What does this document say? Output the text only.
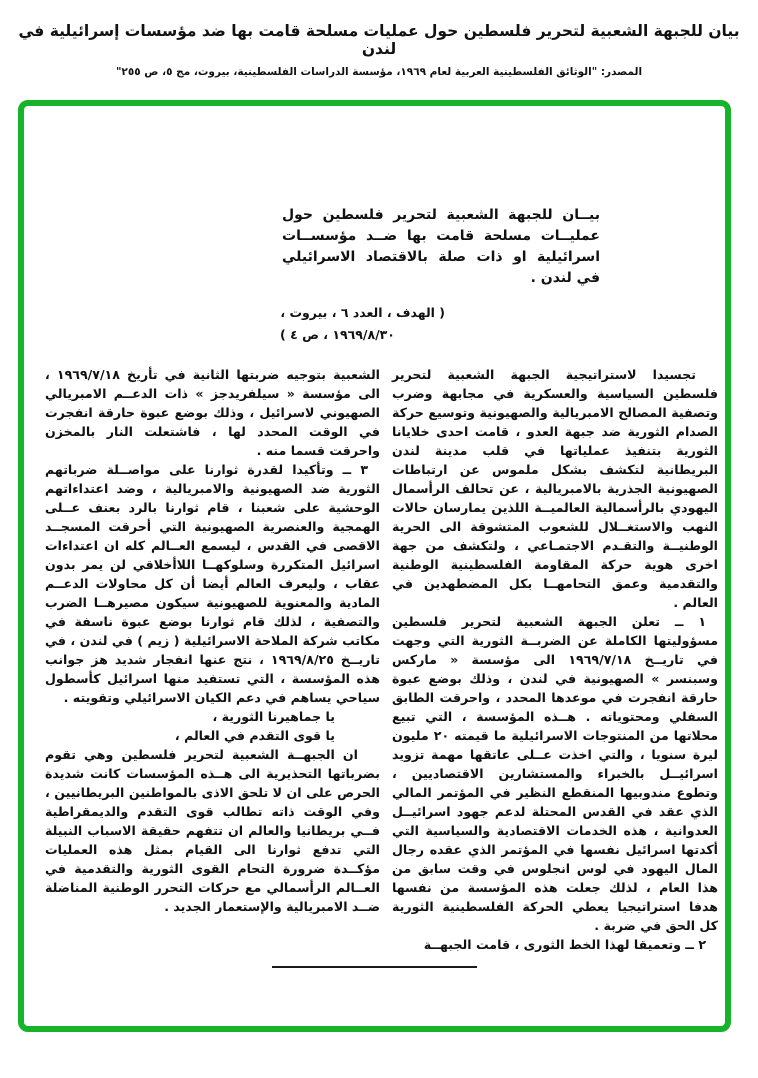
بيان للجبهة الشعبية لتحرير فلسطين حول عمليات مسلحة قامت بها ضد مؤسسات إسرائيلية في لندن
المصدر: "الوثائق الفلسطينية العربية لعام ١٩٦٩، مؤسسة الدراسات الفلسطينية، بيروت، مج ٥، ص ٢٥٥"
بيــان للجبهة الشعبية لتحرير فلسطين حول عمليــات مسلحة قامت بها ضــد مؤسســات اسرائيلية او ذات صلة بالاقتصاد الاسرائيلي في لندن .
( الهدف ، العدد ٦ ، بيروت ،
١٩٦٩/٨/٣٠ ، ص ٤ )

تجسيدا لاستراتيجية الجبهة الشعبية لتحرير فلسطين السياسية والعسكرية في مجابهة وضرب وتصفية المصالح الامبريالية والصهيونية وتوسيع حركة الصدام الثورية ضد جبهة العدو ، قامت احدى خلايانا الثورية بتنفيذ عملياتها في قلب مدينة لندن البريطانية لتكشف بشكل ملموس عن ارتباطات الصهيونية الجذرية بالامبريالية ، عن تحالف الرأسمال اليهودي بالرأسمالية العالميــة اللذين يمارسان حالات النهب والاستغــلال للشعوب المتشوقة الى الحرية الوطنيــة والتقـدم الاجتمـاعي ، ولتكشف من جهة اخرى هوية حركة المقاومة الفلسطينية الوطنية والتقدمية وعمق التحامهــا بكل المضطهدين في العالم .

١ ــ تعلن الجبهة الشعبية لتحرير فلسطين مسؤوليتها الكاملة عن الضربــة الثورية التي وجهت في تاريــخ ١٩٦٩/٧/١٨ الى مؤسسة « ماركس وسبنسر » الصهيونية في لندن ، وذلك بوضع عبوة حارقة انفجرت في موعدها المحدد ، واحرقت الطابق السفلي ومحتوياته . هــذه المؤسسة ، التي تبيع محلاتها من المنتوجات الاسرائيلية ما قيمته ٢٠ مليون ليرة سنويا ، والتي اخذت عــلى عاتقها مهمة تزويد اسرائيــل بالخبراء والمستشارين الاقتصاديين ، وتطوع مندوبيها المنقطع النظير في المؤتمر المالي الذي عقد في القدس المحتلة لدعم جهود اسرائيــل العدوانية ، هذه الخدمات الاقتصادية والسياسية التي أكدتها اسرائيل نفسها في المؤتمر الذي عقده رجال المال اليهود في لوس انجلوس في وقت سابق من هذا العام ، لذلك جعلت هذه المؤسسة من نفسها هدفا استراتيجيا يعطي الحركة الفلسطينية الثورية كل الحق في ضربة .

٢ ــ وتعميقا لهذا الخط الثورى ، قامت الجبهــة

الشعبية بتوجيه ضربتها الثانية في تأريخ ١٩٦٩/٧/١٨ ، الى مؤسسة « سيلفريدجز » ذات الدعــم الامبريالي الصهيوني لاسرائيل ، وذلك بوضع عبوة حارقة انفجرت في الوقت المحدد لها ، فاشتعلت النار بالمخزن واحرقت قسما منه .

٣ ــ وتأكيدا لقدرة ثوارنا على مواصــلة ضرباتهم الثورية ضد الصهيونية والامبريالية ، وضد اعتداءاتهم الوحشية على شعبنا ، قام ثوارنا بالرد بعنف عــلى الهمجية والعنصرية الصهيونية التي أحرقت المسجــد الاقصى في القدس ، ليسمع العــالم كله ان اعتداءات اسرائيل المتكررة وسلوكهــا اللاأخلاقي لن يمر بدون عقاب ، وليعرف العالم أيضا أن كل محاولات الدعــم المادية والمعنوية للصهيونية سيكون مصيرهــا الضرب والتصفية ، لذلك قام ثوارنا بوضع عبوة ناسفة في مكاتب شركة الملاحة الاسرائيلية ( زيم ) في لندن ، في تاريــخ ١٩٦٩/٨/٢٥ ، نتج عنها انفجار شديد هز جوانب هذه المؤسسة ، التي تستفيد منها اسرائيل كأسطول سياحي يساهم في دعم الكيان الاسرائيلي وتقويته .

يا جماهيرنا الثورية ،

يا قوى التقدم في العالم ،

ان الجبهــة الشعبية لتحرير فلسطين وهي تقوم بضرباتها التحذيرية الى هــذه المؤسسات كانت شديدة الحرص على ان لا تلحق الاذى بالمواطنين البريطانيين ، وفي الوقت ذاته تطالب قوى التقدم والديمقراطية فــي بريطانيا والعالم ان تتفهم حقيقة الاسباب النبيلة التي تدفع ثوارنا الى القيام بمثل هذه العمليات مؤكــدة ضرورة التحام القوى الثورية والتقدمية في العــالم الرأسمالي مع حركات التحرر الوطنية المناضلة ضــد الامبريالية والإستعمار الجديد .
